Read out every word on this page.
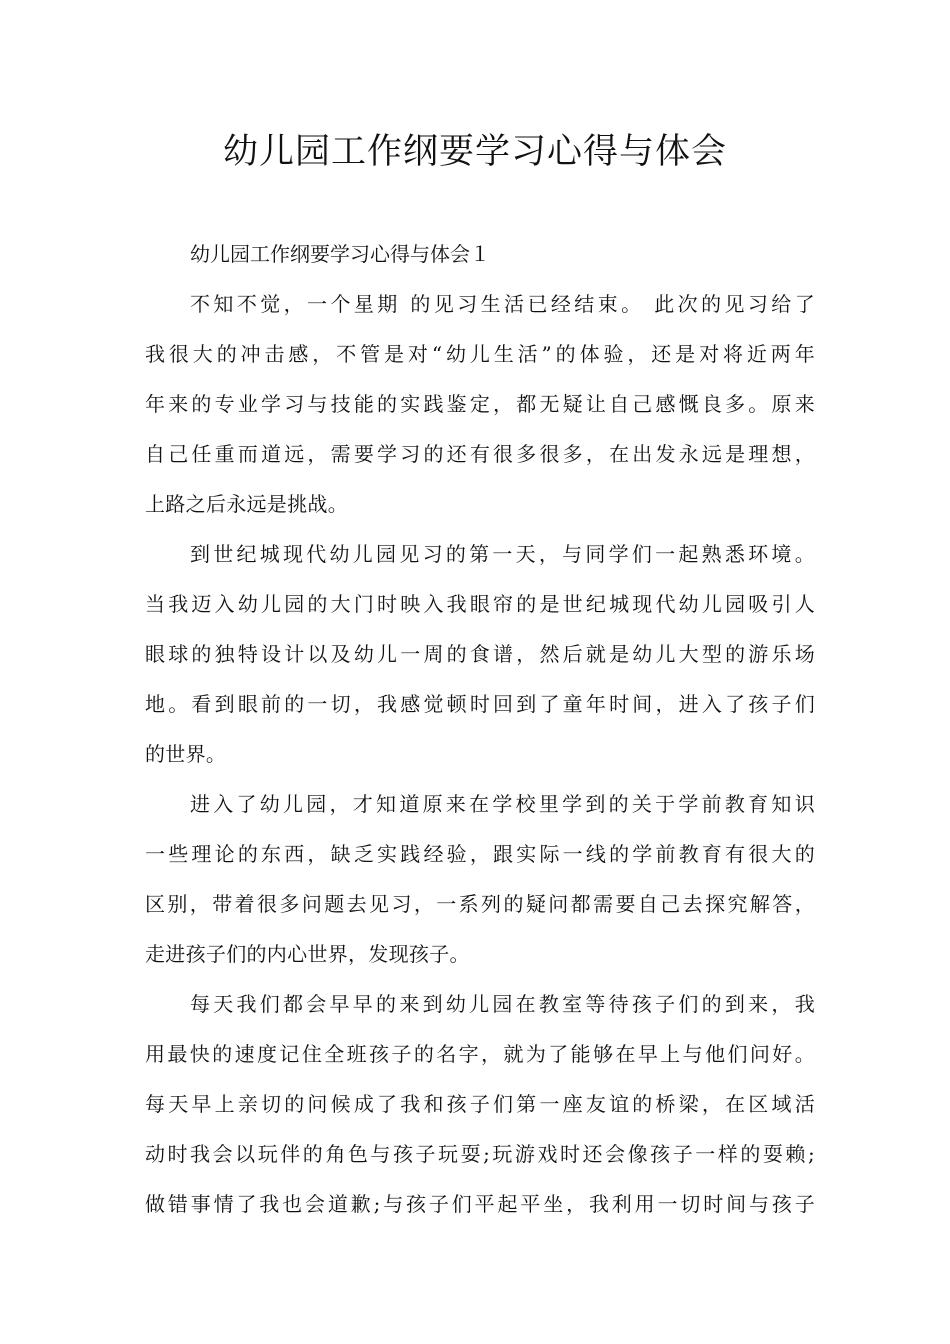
幼儿园工作纲要学习心得与体会

幼儿园工作纲要学习心得与体会１

不知不觉，一个星期 的见习生活已经结束。 此次的见习给了
我很大的冲击感，不管是对“幼儿生活”的体验，还是对将近两年
年来的专业学习与技能的实践鉴定，都无疑让自己感慨良多。原来
自己任重而道远，需要学习的还有很多很多，在出发永远是理想，
上路之后永远是挑战。

到世纪城现代幼儿园见习的第一天，与同学们一起熟悉环境。
当我迈入幼儿园的大门时映入我眼帘的是世纪城现代幼儿园吸引人
眼球的独特设计以及幼儿一周的食谱，然后就是幼儿大型的游乐场
地。看到眼前的一切，我感觉顿时回到了童年时间，进入了孩子们
的世界。

进入了幼儿园，才知道原来在学校里学到的关于学前教育知识
一些理论的东西，缺乏实践经验，跟实际一线的学前教育有很大的
区别，带着很多问题去见习，一系列的疑问都需要自己去探究解答，
走进孩子们的内心世界，发现孩子。

每天我们都会早早的来到幼儿园在教室等待孩子们的到来，我
用最快的速度记住全班孩子的名字，就为了能够在早上与他们问好。
每天早上亲切的问候成了我和孩子们第一座友谊的桥梁，在区域活
动时我会以玩伴的角色与孩子玩耍;玩游戏时还会像孩子一样的耍赖;
做错事情了我也会道歉;与孩子们平起平坐，我利用一切时间与孩子
